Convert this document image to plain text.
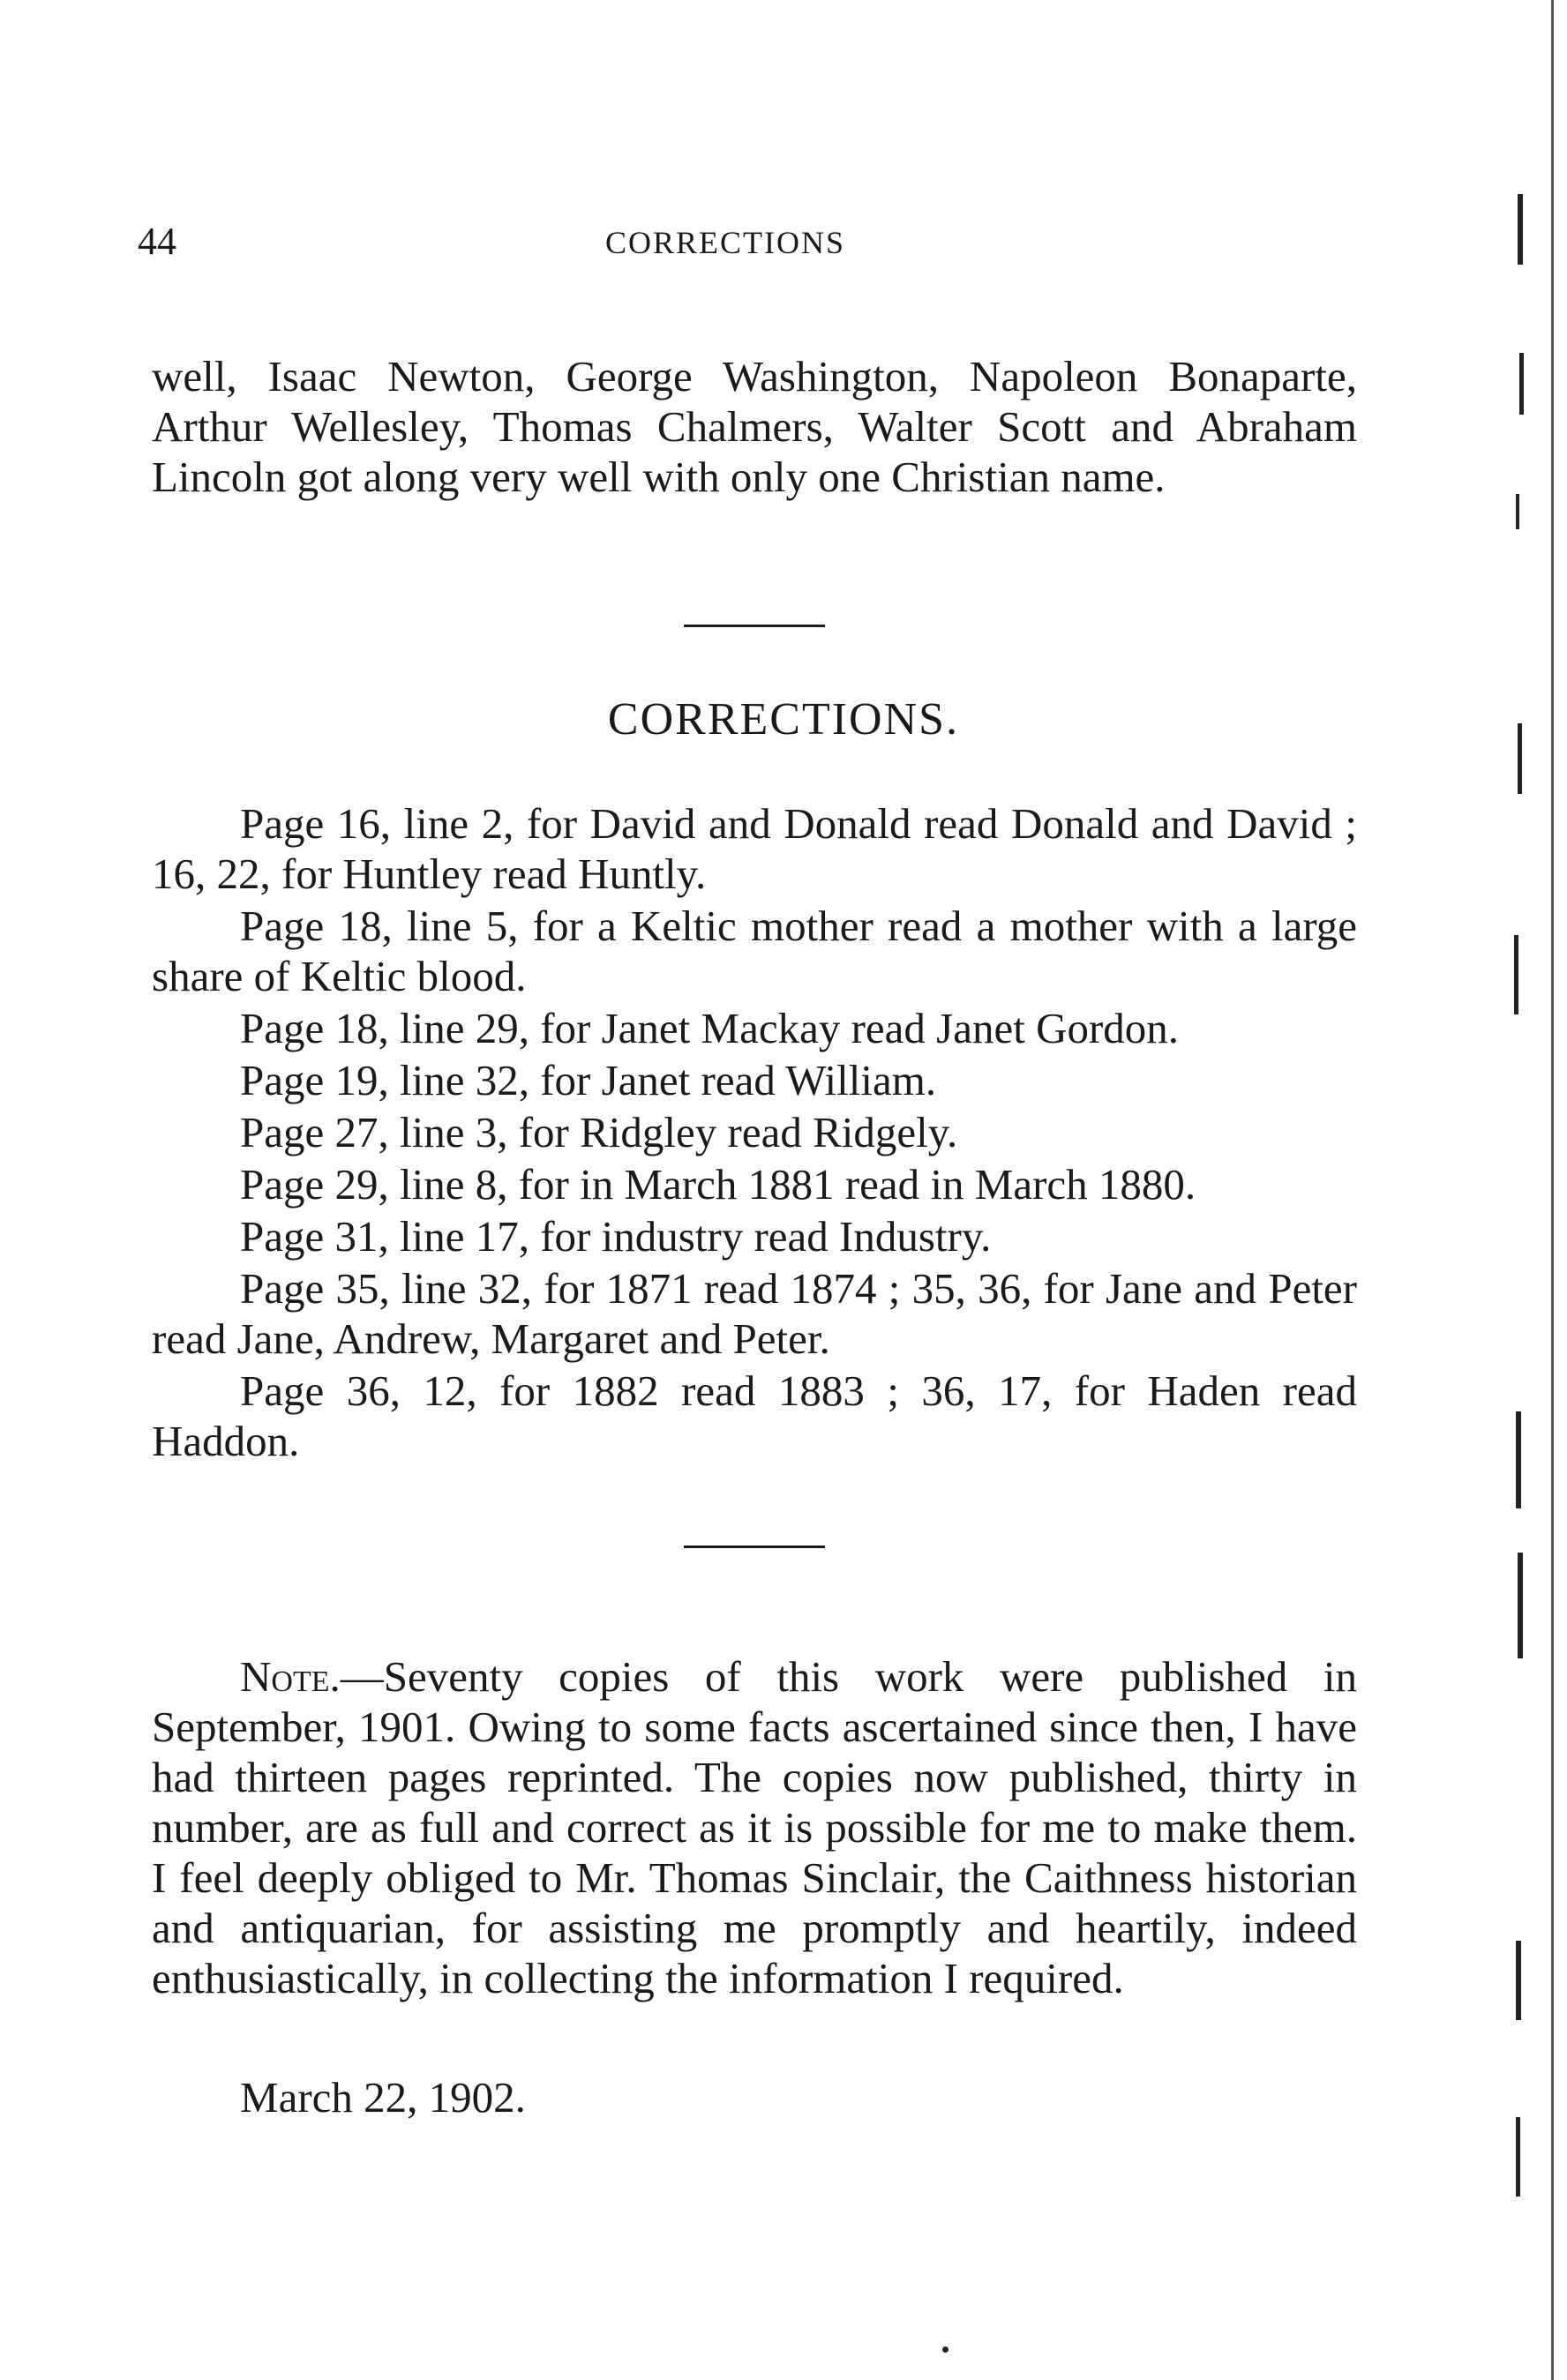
44	CORRECTIONS
well, Isaac Newton, George Washington, Napoleon Bonaparte, Arthur Wellesley, Thomas Chalmers, Walter Scott and Abraham Lincoln got along very well with only one Christian name.
CORRECTIONS.

Page 16, line 2, for David and Donald read Donald and David ; 16, 22, for Huntley read Huntly.

Page 18, line 5, for a Keltic mother read a mother with a large share of Keltic blood.

Page 18, line 29, for Janet Mackay read Janet Gordon.

Page 19, line 32, for Janet read William.

Page 27, line 3, for Ridgley read Ridgely.

Page 29, line 8, for in March 1881 read in March 1880.

Page 31, line 17, for industry read Industry.

Page 35, line 32, for 1871 read 1874 ; 35, 36, for Jane and Peter read Jane, Andrew, Margaret and Peter.

Page 36, 12, for 1882 read 1883 ; 36, 17, for Haden read Haddon.

Note.—Seventy copies of this work were published in September, 1901. Owing to some facts ascertained since then, I have had thirteen pages reprinted. The copies now published, thirty in number, are as full and correct as it is possible for me to make them. I feel deeply obliged to Mr. Thomas Sinclair, the Caithness historian and antiquarian, for assisting me promptly and heartily, indeed enthusiastically, in collecting the information I required.

March 22, 1902.
